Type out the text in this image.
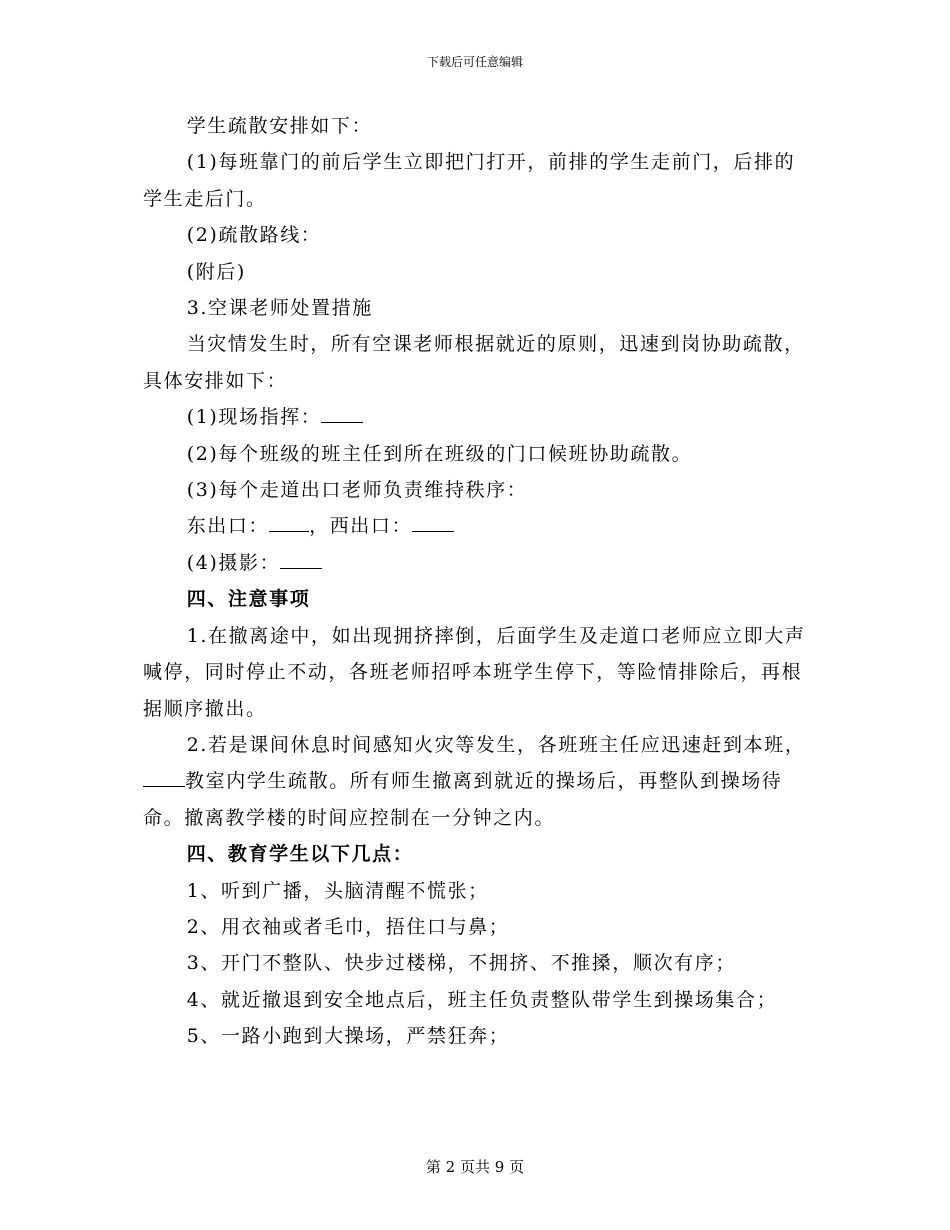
下载后可任意编辑

学生疏散安排如下：

(1)每班靠门的前后学生立即把门打开，前排的学生走前门，后排的学生走后门。

(2)疏散路线：

(附后)

3.空课老师处置措施

当灾情发生时，所有空课老师根据就近的原则，迅速到岗协助疏散，具体安排如下：

(1)现场指挥：

(2)每个班级的班主任到所在班级的门口候班协助疏散。

(3)每个走道出口老师负责维持秩序：

东出口： ，西出口：

(4)摄影：

四、注意事项

1.在撤离途中，如出现拥挤摔倒，后面学生及走道口老师应立即大声喊停，同时停止不动，各班老师招呼本班学生停下，等险情排除后，再根据顺序撤出。

2.若是课间休息时间感知火灾等发生，各班班主任应迅速赶到本班，教室内学生疏散。所有师生撤离到就近的操场后，再整队到操场待命。撤离教学楼的时间应控制在一分钟之内。

四、教育学生以下几点：

1、听到广播，头脑清醒不慌张；

2、用衣袖或者毛巾，捂住口与鼻；

3、开门不整队、快步过楼梯，不拥挤、不推搡，顺次有序；

4、就近撤退到安全地点后，班主任负责整队带学生到操场集合；

5、一路小跑到大操场，严禁狂奔；

第 2 页共 9 页
